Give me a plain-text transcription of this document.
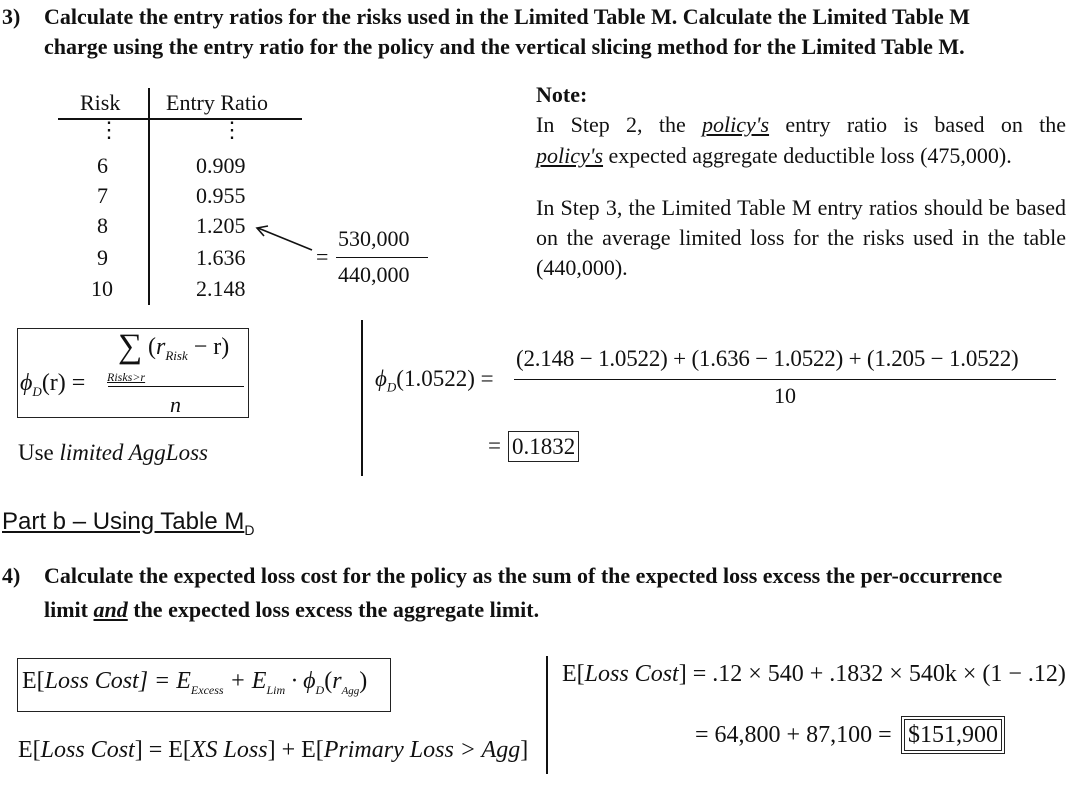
3) Calculate the entry ratios for the risks used in the Limited Table M. Calculate the Limited Table M
charge using the entry ratio for the policy and the vertical slicing method for the Limited Table M.
Risk Entry Ratio
⋮	⋮
6	0.909
7	0.955
8	1.205
9	1.636
10	2.148
=
530,000
440,000
Note:
In Step 2, the policy's entry ratio is based on the
policy's expected aggregate deductible loss (475,000).
In Step 3, the Limited Table M entry ratios should be based on the average limited loss for the risks used in the table (440,000).
∑ $(r_{Risk} - r)$
Risks>r
$\phi_D(r)$ =
n
Use limited AggLoss
$\phi_D(1.0522)$ =
(2.148 − 1.0522) + (1.636 − 1.0522) + (1.205 − 1.0522)
10
= 0.1832
Part b – Using Table $M_D$
4) Calculate the expected loss cost for the policy as the sum of the expected loss excess the per-occurrence
limit and the expected loss excess the aggregate limit.
E[Loss Cost] = $E_{Excess} + E_{Lim} \cdot \phi_D(r_{Agg})$
E[Loss Cost] = E[XS Loss] + E[Primary Loss > Agg]
E[Loss Cost] = .12 × 540 + .1832 × 540k × (1 − .12)
= 64,800 + 87,100 = $151,900
